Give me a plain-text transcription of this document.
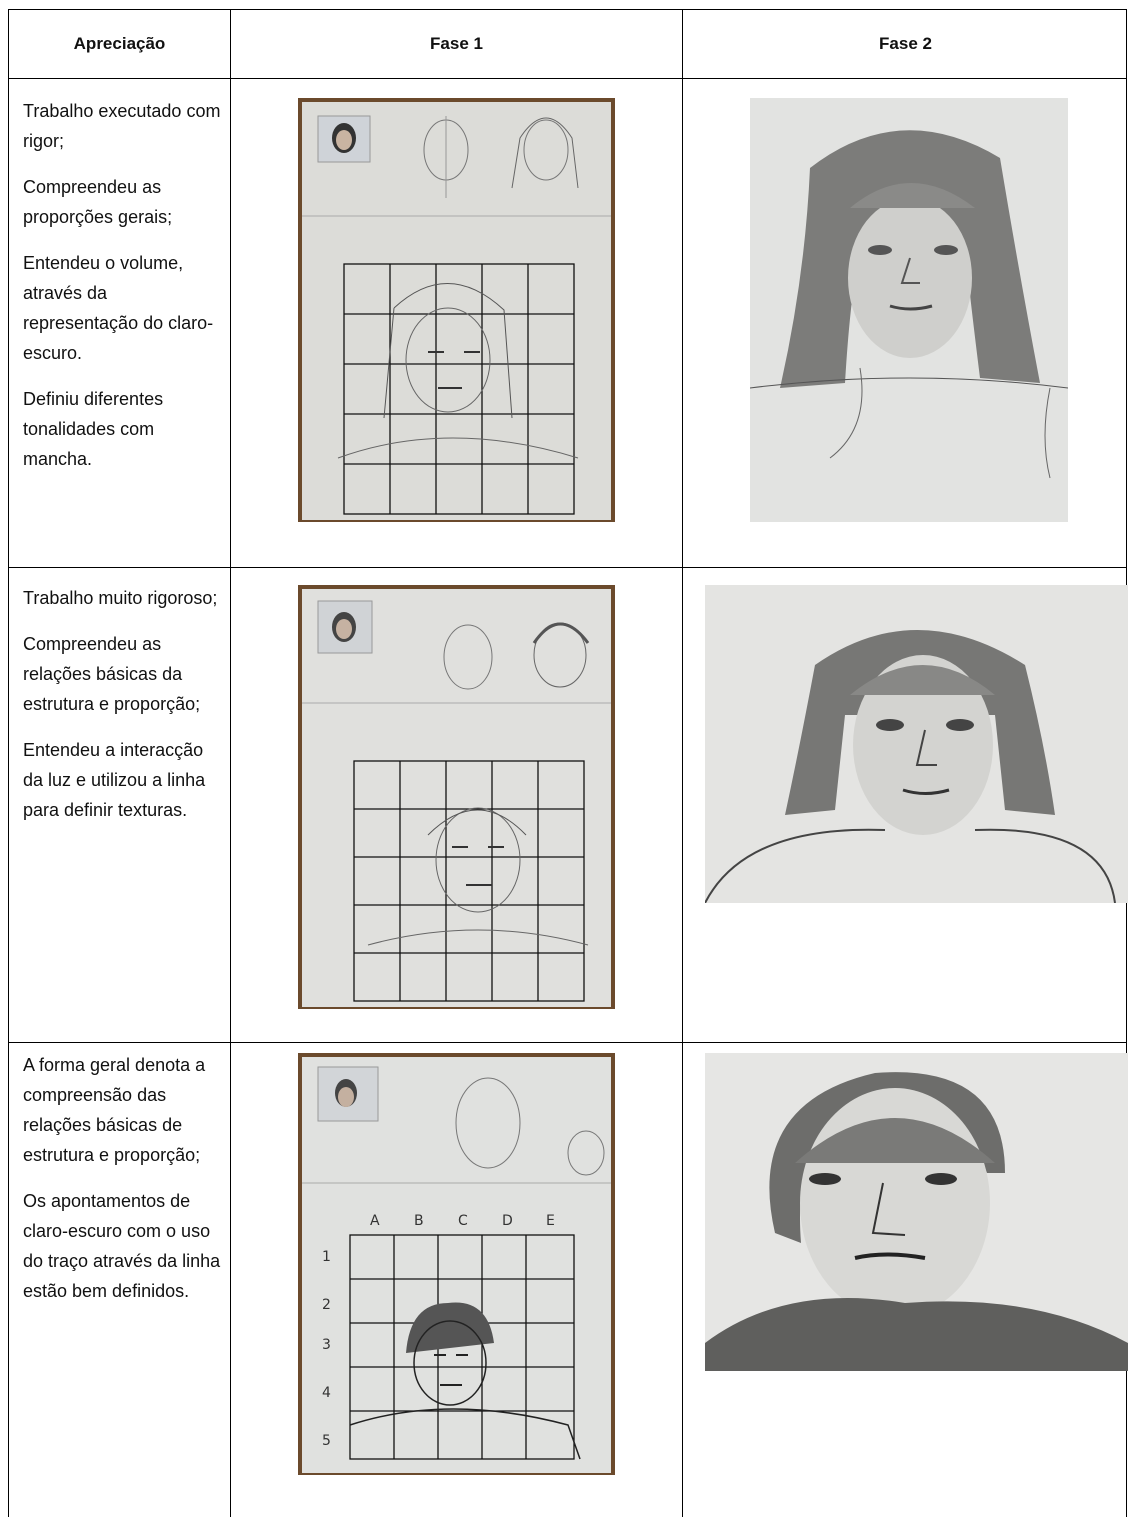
Apreciação	Fase 1	Fase 2

Trabalho executado com rigor;

Compreendeu as proporções gerais;

Entendeu o volume, através da representação do claro-escuro.

Definiu diferentes tonalidades com mancha.

Trabalho muito rigoroso;

Compreendeu as relações básicas da estrutura e proporção;

Entendeu a interacção da luz e utilizou a linha para definir texturas.

A forma geral denota a compreensão das relações básicas de estrutura e proporção;

Os apontamentos de claro-escuro com o uso do traço através da linha estão bem definidos.

A B C D E
1
2
3
4
5
